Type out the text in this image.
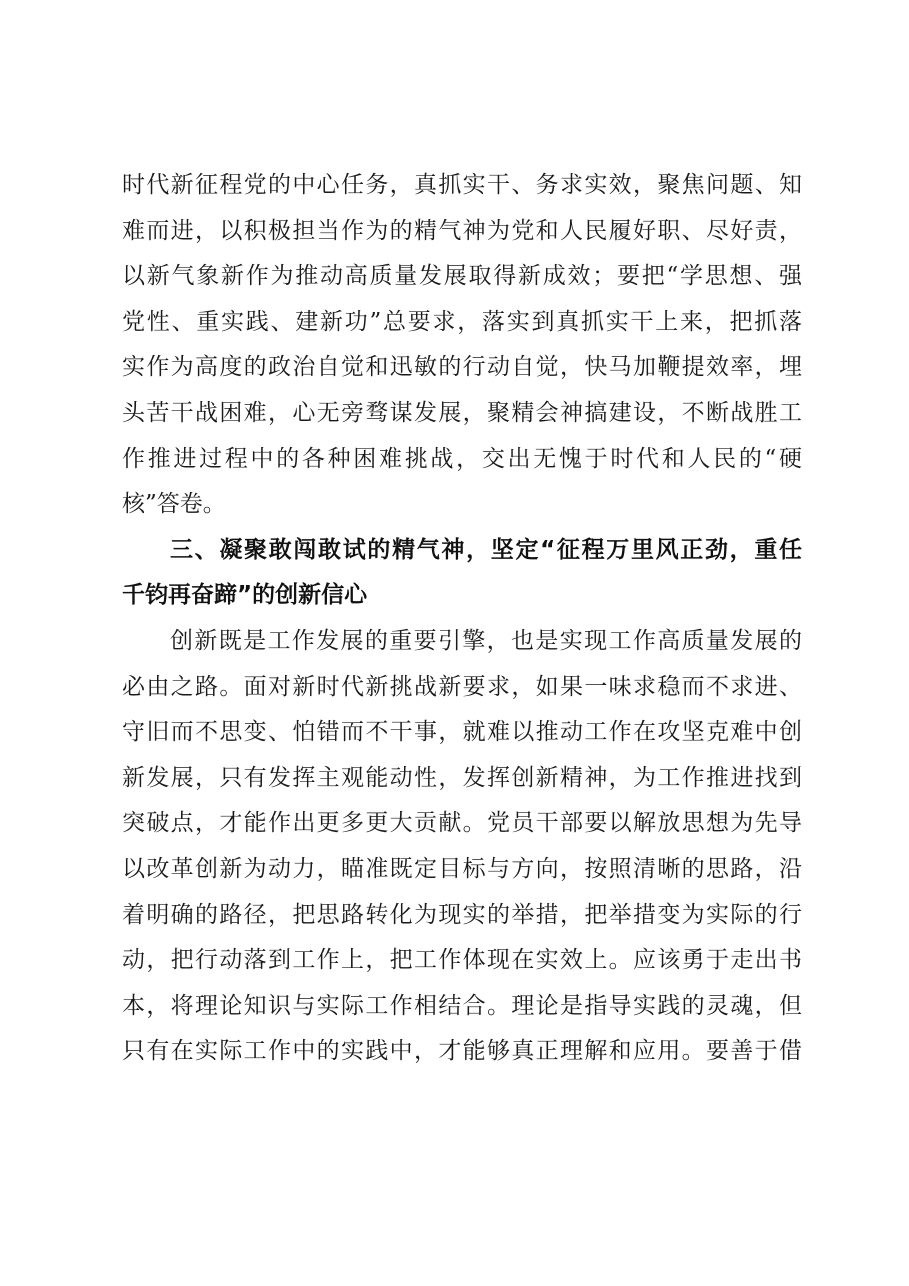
时代新征程党的中心任务，真抓实干、务求实效，聚焦问题、知
难而进，以积极担当作为的精气神为党和人民履好职、尽好责，
以新气象新作为推动高质量发展取得新成效；要把“学思想、强
党性、重实践、建新功”总要求，落实到真抓实干上来，把抓落
实作为高度的政治自觉和迅敏的行动自觉，快马加鞭提效率，埋
头苦干战困难，心无旁骛谋发展，聚精会神搞建设，不断战胜工
作推进过程中的各种困难挑战，交出无愧于时代和人民的“硬
核”答卷。
三、凝聚敢闯敢试的精气神，坚定“征程万里风正劲，重任
千钧再奋蹄”的创新信心
创新既是工作发展的重要引擎，也是实现工作高质量发展的
必由之路。面对新时代新挑战新要求，如果一味求稳而不求进、
守旧而不思变、怕错而不干事，就难以推动工作在攻坚克难中创
新发展，只有发挥主观能动性，发挥创新精神，为工作推进找到
突破点，才能作出更多更大贡献。党员干部要以解放思想为先导
以改革创新为动力，瞄准既定目标与方向，按照清晰的思路，沿
着明确的路径，把思路转化为现实的举措，把举措变为实际的行
动，把行动落到工作上，把工作体现在实效上。应该勇于走出书
本，将理论知识与实际工作相结合。理论是指导实践的灵魂，但
只有在实际工作中的实践中，才能够真正理解和应用。要善于借
